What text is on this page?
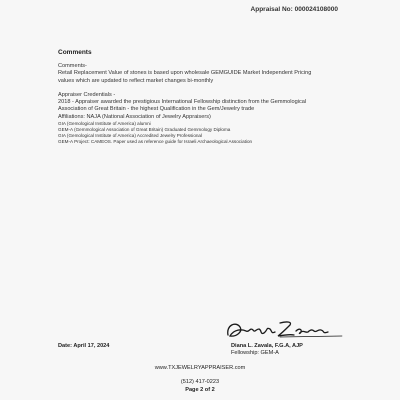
Appraisal No: 000024108000
Comments
Comments-
Retail Replacement Value of stones is based upon wholesale GEMGUIDE Market Independent Pricing
values which are updated to reflect market changes bi-monthly
Appraiser Credentials -
2018 - Appraiser awarded the prestigious International Fellowship distinction from the Gemmological
Association of Great Britain - the highest Qualification in the Gem/Jewelry trade
Affiliations: NAJA (National Association of Jewelry Appraisers)
GIA (Gemological Institute of America) alumni
GEM-A (Gemmological Association of Great Britain) Graduated Gemmology Diploma
GIA (Gemological Institute of America) Accredited Jewelry Professional
GEM-A Project: CAMEOS. Paper used as reference guide for Israeli Archaeological Association
Date: April 17, 2024	Diana L. Zavala, F.G.A, AJP
Fellowship: GEM-A
www.TXJEWELRYAPPRAISER.com
(512) 417-0223
Page 2 of 2
